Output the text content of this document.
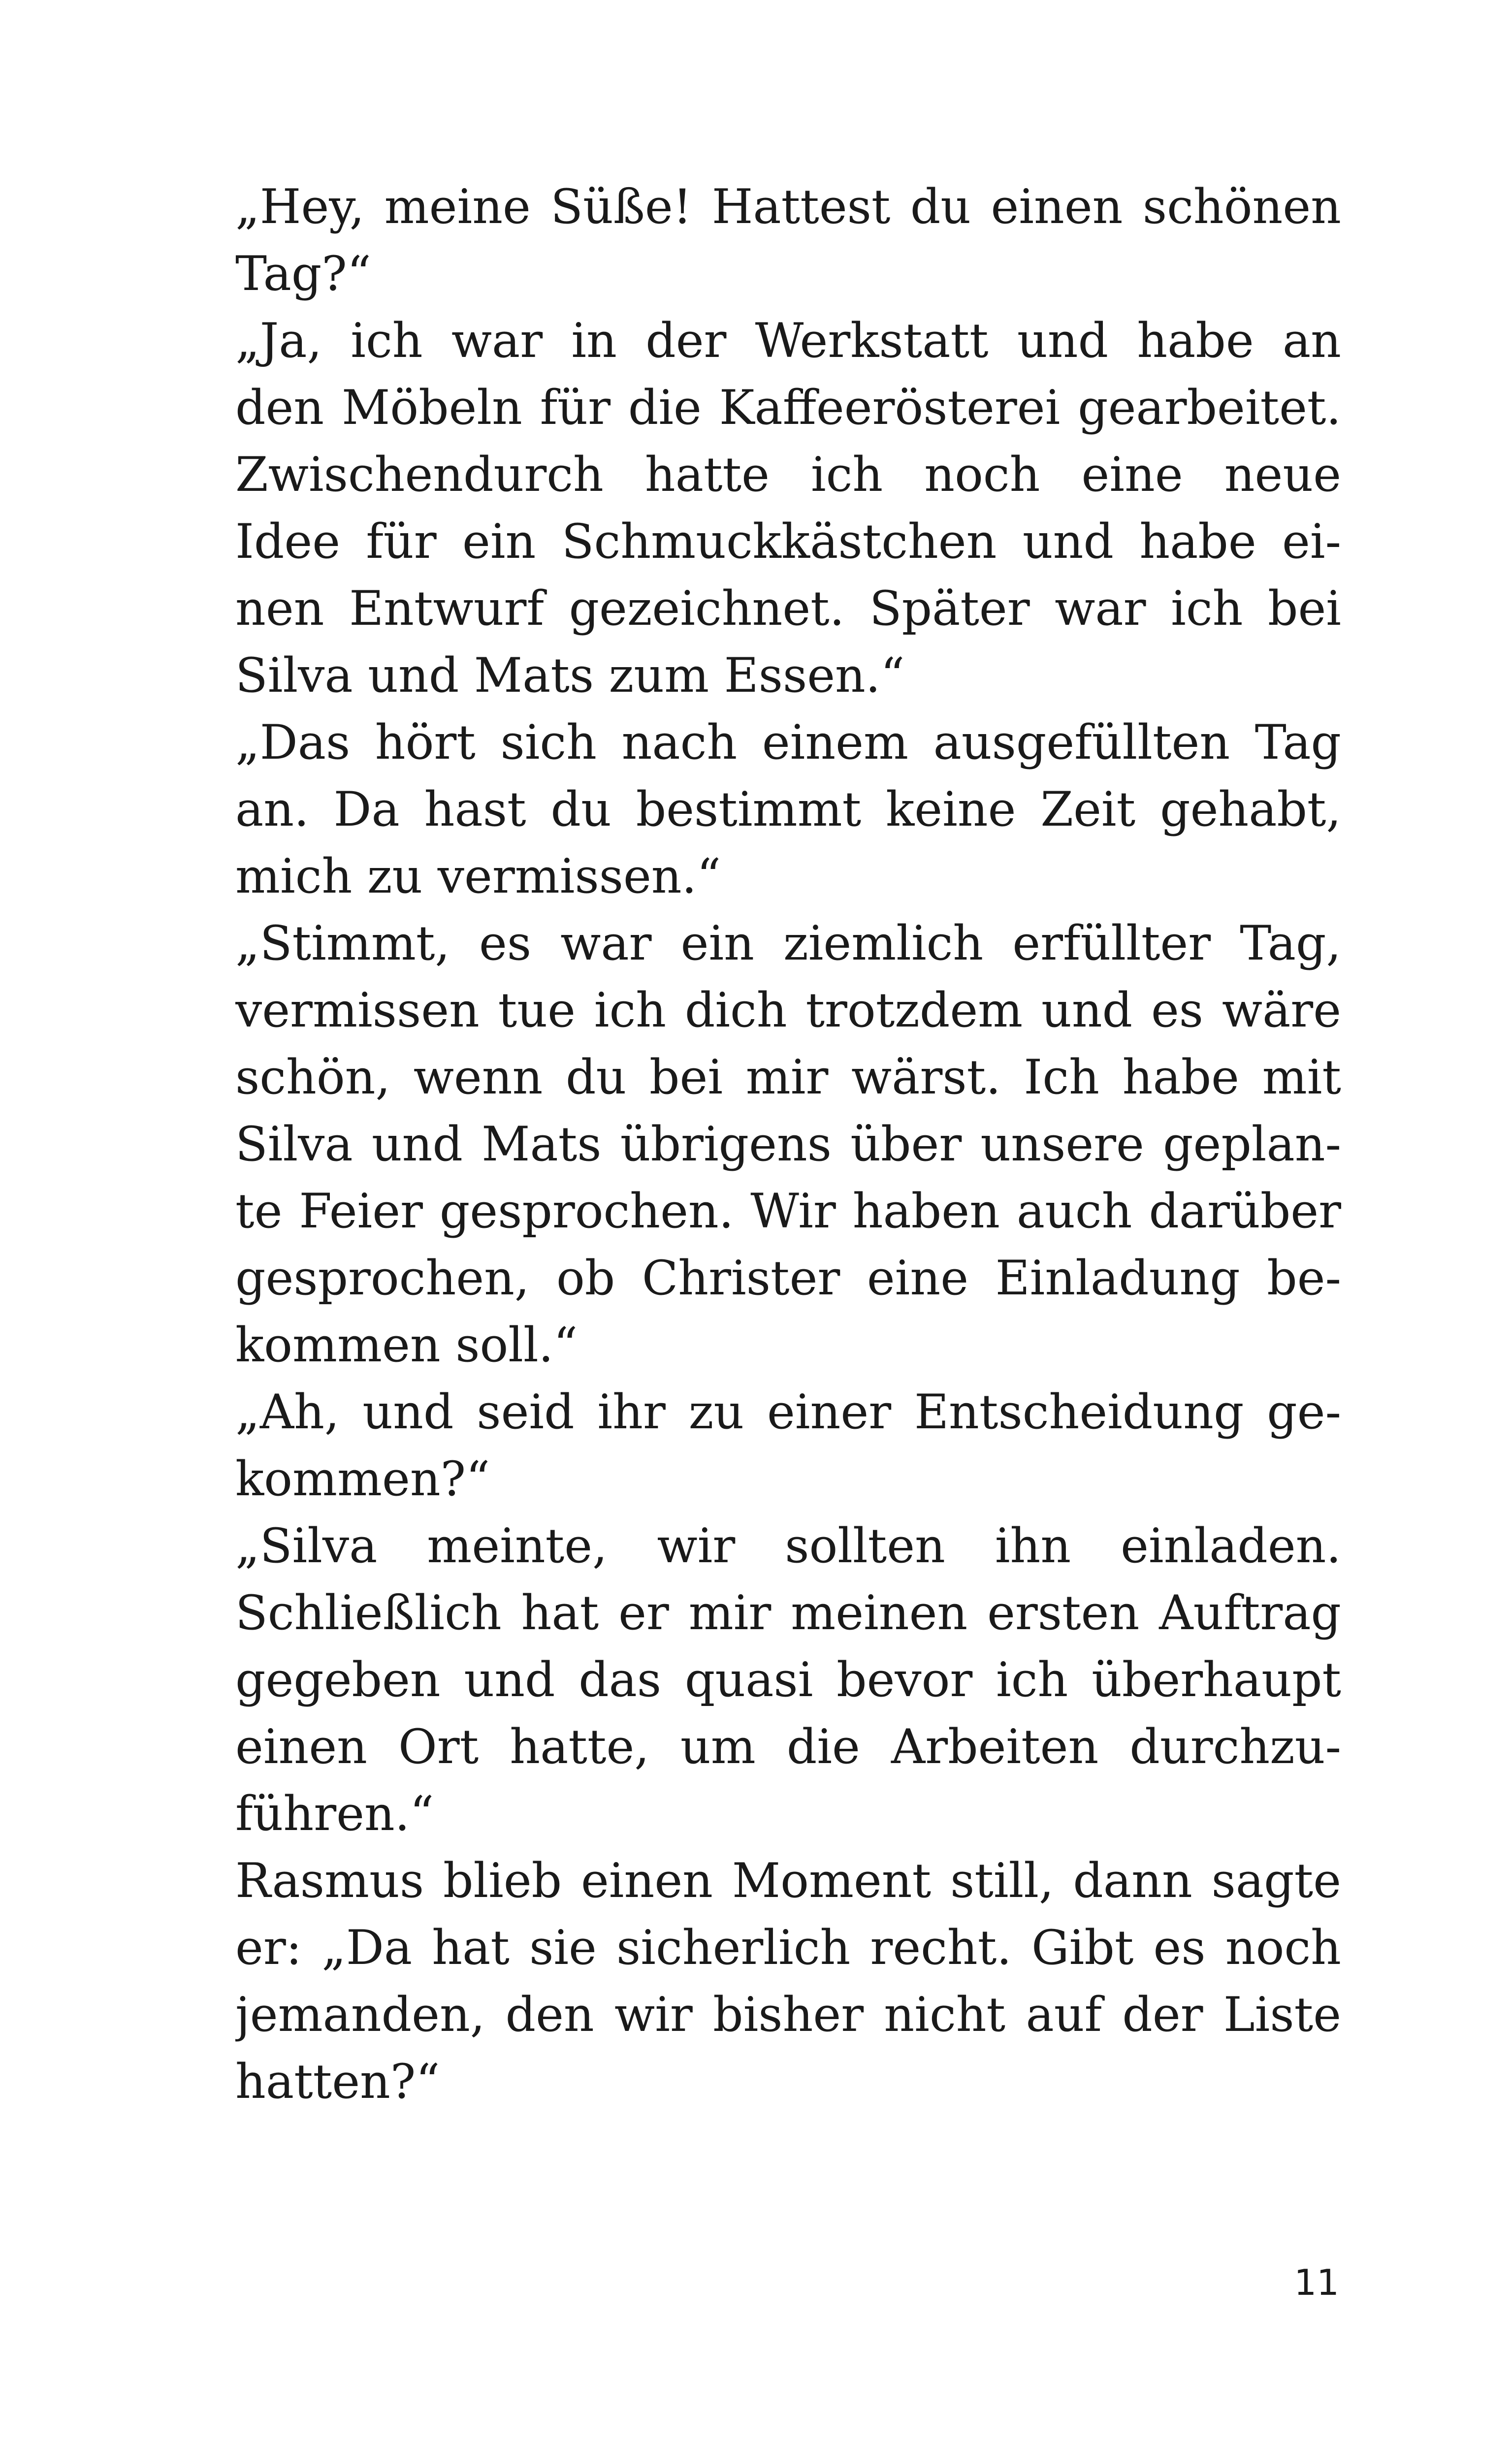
„Hey, meine Süße! Hattest du einen schönen
Tag?“
„Ja, ich war in der Werkstatt und habe an
den Möbeln für die Kaffeerösterei gearbeitet.
Zwischendurch hatte ich noch eine neue
Idee für ein Schmuckkästchen und habe ei-
nen Entwurf gezeichnet. Später war ich bei
Silva und Mats zum Essen.“
„Das hört sich nach einem ausgefüllten Tag
an. Da hast du bestimmt keine Zeit gehabt,
mich zu vermissen.“
„Stimmt, es war ein ziemlich erfüllter Tag,
vermissen tue ich dich trotzdem und es wäre
schön, wenn du bei mir wärst. Ich habe mit
Silva und Mats übrigens über unsere geplan-
te Feier gesprochen. Wir haben auch darüber
gesprochen, ob Christer eine Einladung be-
kommen soll.“
„Ah, und seid ihr zu einer Entscheidung ge-
kommen?“
„Silva meinte, wir sollten ihn einladen.
Schließlich hat er mir meinen ersten Auftrag
gegeben und das quasi bevor ich überhaupt
einen Ort hatte, um die Arbeiten durchzu-
führen.“
Rasmus blieb einen Moment still, dann sagte
er: „Da hat sie sicherlich recht. Gibt es noch
jemanden, den wir bisher nicht auf der Liste
hatten?“
11
